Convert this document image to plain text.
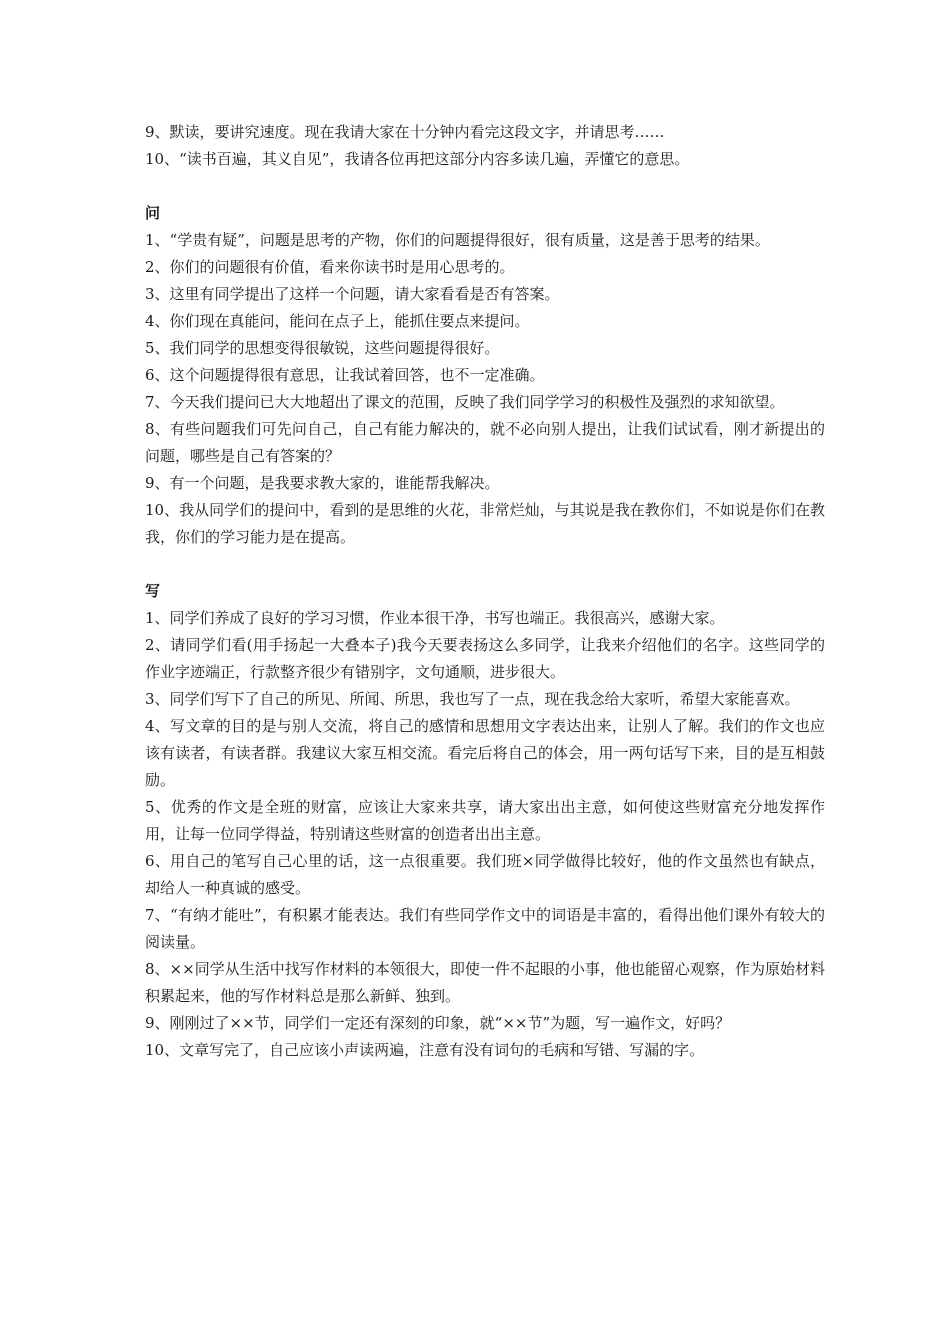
9、默读，要讲究速度。现在我请大家在十分钟内看完这段文字，并请思考……

10、“读书百遍，其义自见”，我请各位再把这部分内容多读几遍，弄懂它的意思。

问

1、“学贵有疑”，问题是思考的产物，你们的问题提得很好，很有质量，这是善于思考的结果。

2、你们的问题很有价值，看来你读书时是用心思考的。

3、这里有同学提出了这样一个问题，请大家看看是否有答案。

4、你们现在真能问，能问在点子上，能抓住要点来提问。

5、我们同学的思想变得很敏锐，这些问题提得很好。

6、这个问题提得很有意思，让我试着回答，也不一定准确。

7、今天我们提问已大大地超出了课文的范围，反映了我们同学学习的积极性及强烈的求知欲望。

8、有些问题我们可先问自己，自己有能力解决的，就不必向别人提出，让我们试试看，刚才新提出的问题，哪些是自己有答案的？

9、有一个问题，是我要求教大家的，谁能帮我解决。

10、我从同学们的提问中，看到的是思维的火花，非常烂灿，与其说是我在教你们，不如说是你们在教我，你们的学习能力是在提高。

写

1、同学们养成了良好的学习习惯，作业本很干净，书写也端正。我很高兴，感谢大家。

2、请同学们看(用手扬起一大叠本子)我今天要表扬这么多同学，让我来介绍他们的名字。这些同学的作业字迹端正，行款整齐很少有错别字，文句通顺，进步很大。

3、同学们写下了自己的所见、所闻、所思，我也写了一点，现在我念给大家听，希望大家能喜欢。

4、写文章的目的是与别人交流，将自己的感情和思想用文字表达出来，让别人了解。我们的作文也应该有读者，有读者群。我建议大家互相交流。看完后将自己的体会，用一两句话写下来，目的是互相鼓励。

5、优秀的作文是全班的财富，应该让大家来共享，请大家出出主意，如何使这些财富充分地发挥作用，让每一位同学得益，特别请这些财富的创造者出出主意。

6、用自己的笔写自己心里的话，这一点很重要。我们班×同学做得比较好，他的作文虽然也有缺点，却给人一种真诚的感受。

7、“有纳才能吐”，有积累才能表达。我们有些同学作文中的词语是丰富的，看得出他们课外有较大的阅读量。

8、××同学从生活中找写作材料的本领很大，即使一件不起眼的小事，他也能留心观察，作为原始材料积累起来，他的写作材料总是那么新鲜、独到。

9、刚刚过了××节，同学们一定还有深刻的印象，就“××节”为题，写一遍作文，好吗？

10、文章写完了，自己应该小声读两遍，注意有没有词句的毛病和写错、写漏的字。
